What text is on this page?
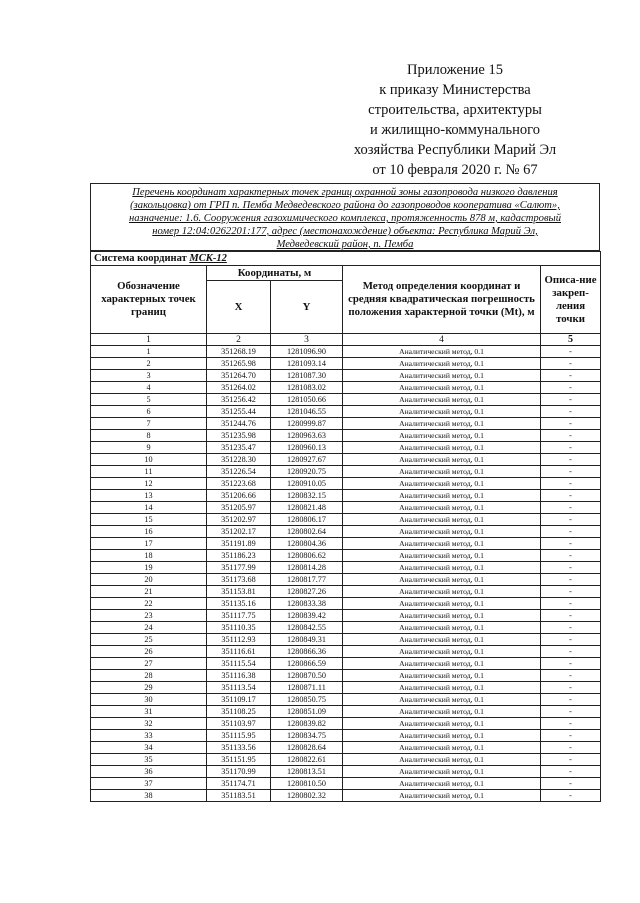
Приложение 15
к приказу Министерства
строительства, архитектуры
и жилищно-коммунального
хозяйства Республики Марий Эл
от 10 февраля 2020 г. № 67
Перечень координат характерных точек границ охранной зоны газопровода низкого давления
(закольцовка) от ГРП п. Пемба Медведевского района до газопроводов кооператива «Салют»,
назначение: 1.6. Сооружения газохимического комплекса, протяженность 878 м, кадастровый
номер 12:04:0262201:177, адрес (местонахождение) объекта: Республика Марий Эл,
Медведевский район, п. Пемба
Система координат МСК-12				
Обозначение характерных точек границ	Координаты, м		Метод определения координат и средняя квадратическая погрешность положения характерной точки (Mt), м	Описа-ние закреп-ления точки
	X	Y		
1	2	3	4	5
1	351268.19	1281096.90	Аналитический метод, 0.1	-
2	351265.98	1281093.14	Аналитический метод, 0.1	-
3	351264.70	1281087.30	Аналитический метод, 0.1	-
4	351264.02	1281083.02	Аналитический метод, 0.1	-
5	351256.42	1281050.66	Аналитический метод, 0.1	-
6	351255.44	1281046.55	Аналитический метод, 0.1	-
7	351244.76	1280999.87	Аналитический метод, 0.1	-
8	351235.98	1280963.63	Аналитический метод, 0.1	-
9	351235.47	1280960.13	Аналитический метод, 0.1	-
10	351228.30	1280927.67	Аналитический метод, 0.1	-
11	351226.54	1280920.75	Аналитический метод, 0.1	-
12	351223.68	1280910.05	Аналитический метод, 0.1	-
13	351206.66	1280832.15	Аналитический метод, 0.1	-
14	351205.97	1280821.48	Аналитический метод, 0.1	-
15	351202.97	1280806.17	Аналитический метод, 0.1	-
16	351202.17	1280802.64	Аналитический метод, 0.1	-
17	351191.89	1280804.36	Аналитический метод, 0.1	-
18	351186.23	1280806.62	Аналитический метод, 0.1	-
19	351177.99	1280814.28	Аналитический метод, 0.1	-
20	351173.68	1280817.77	Аналитический метод, 0.1	-
21	351153.81	1280827.26	Аналитический метод, 0.1	-
22	351135.16	1280833.38	Аналитический метод, 0.1	-
23	351117.75	1280839.42	Аналитический метод, 0.1	-
24	351110.35	1280842.55	Аналитический метод, 0.1	-
25	351112.93	1280849.31	Аналитический метод, 0.1	-
26	351116.61	1280866.36	Аналитический метод, 0.1	-
27	351115.54	1280866.59	Аналитический метод, 0.1	-
28	351116.38	1280870.50	Аналитический метод, 0.1	-
29	351113.54	1280871.11	Аналитический метод, 0.1	-
30	351109.17	1280850.75	Аналитический метод, 0.1	-
31	351108.25	1280851.09	Аналитический метод, 0.1	-
32	351103.97	1280839.82	Аналитический метод, 0.1	-
33	351115.95	1280834.75	Аналитический метод, 0.1	-
34	351133.56	1280828.64	Аналитический метод, 0.1	-
35	351151.95	1280822.61	Аналитический метод, 0.1	-
36	351170.99	1280813.51	Аналитический метод, 0.1	-
37	351174.71	1280810.50	Аналитический метод, 0.1	-
38	351183.51	1280802.32	Аналитический метод, 0.1	-
